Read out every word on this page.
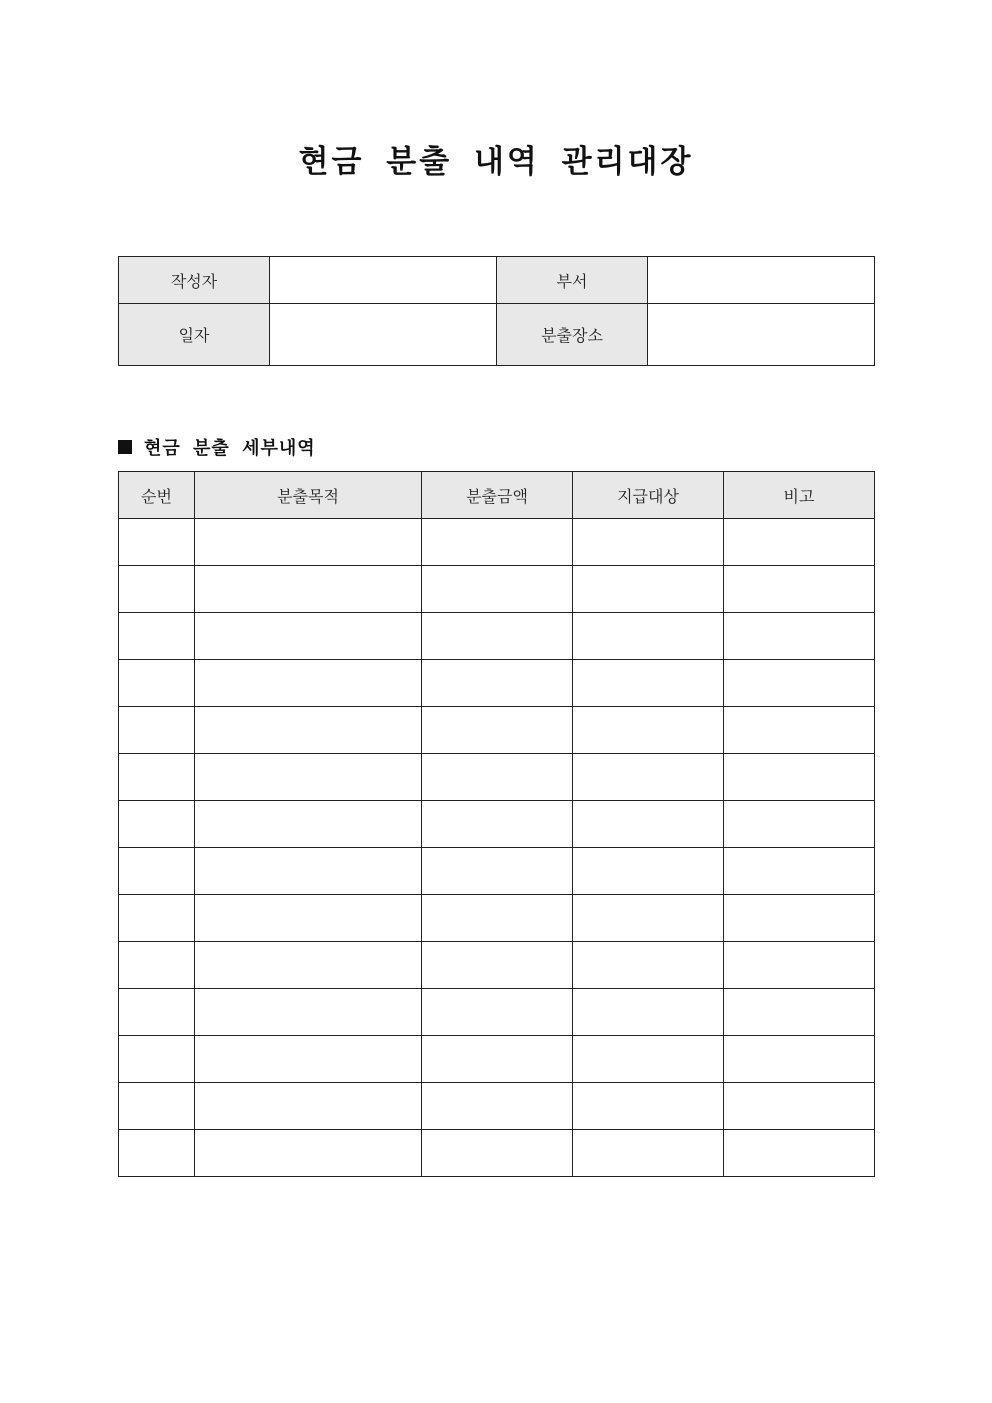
현금 분출 내역 관리대장
작성자		부서	
일자		분출장소	
현금 분출 세부내역
순번	분출목적	분출금액	지급대상	비고
